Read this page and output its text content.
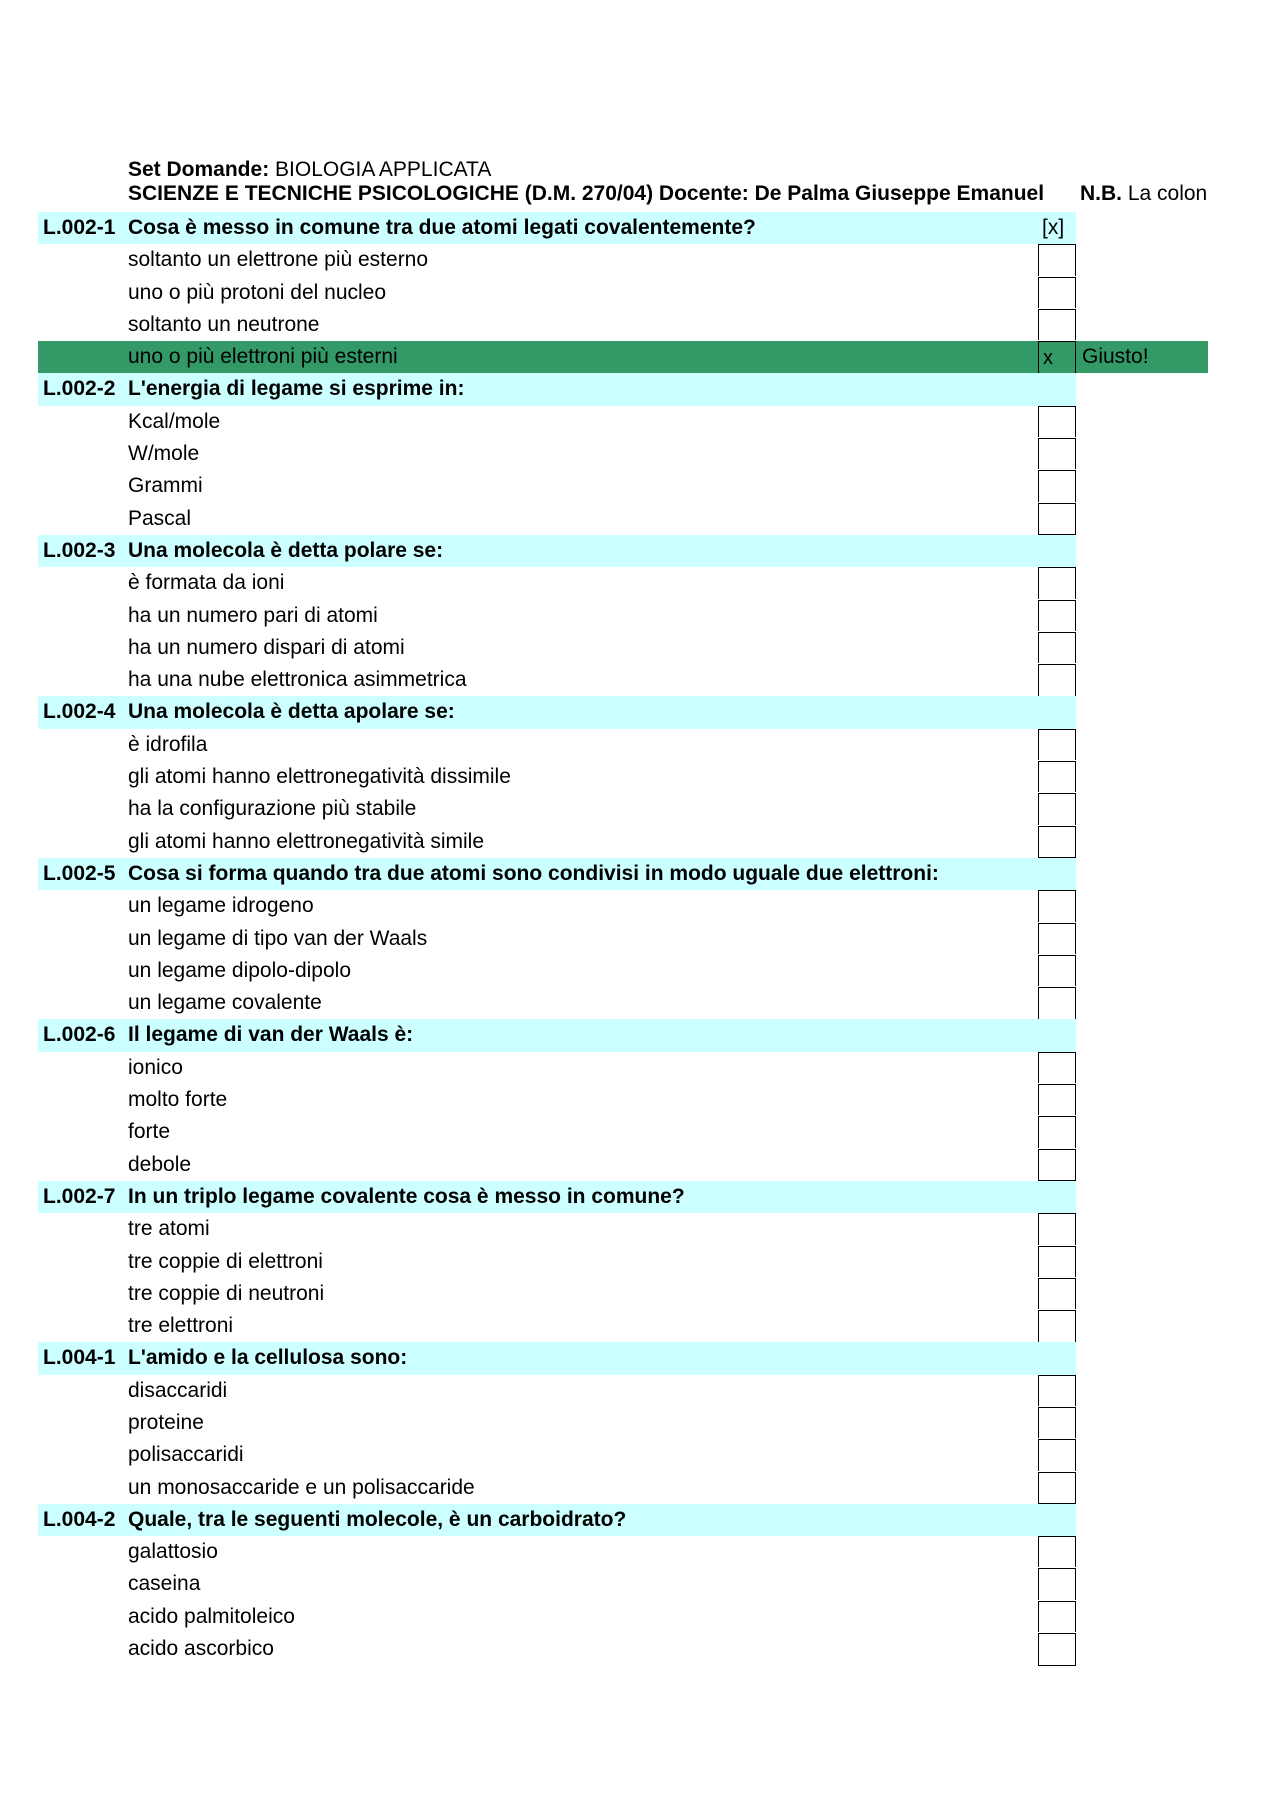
Set Domande: BIOLOGIA APPLICATA
SCIENZE E TECNICHE PSICOLOGICHE (D.M. 270/04) Docente: De Palma Giuseppe Emanuel N.B. La colon
L.002-1 Cosa è messo in comune tra due atomi legati covalentemente?	[x]
soltanto un elettrone più esterno
uno o più protoni del nucleo
soltanto un neutrone
uno o più elettroni più esterni	x	Giusto!
L.002-2 L'energia di legame si esprime in:
Kcal/mole
W/mole
Grammi
Pascal
L.002-3 Una molecola è detta polare se:
è formata da ioni
ha un numero pari di atomi
ha un numero dispari di atomi
ha una nube elettronica asimmetrica
L.002-4 Una molecola è detta apolare se:
è idrofila
gli atomi hanno elettronegatività dissimile
ha la configurazione più stabile
gli atomi hanno elettronegatività simile
L.002-5 Cosa si forma quando tra due atomi sono condivisi in modo uguale due elettroni:
un legame idrogeno
un legame di tipo van der Waals
un legame dipolo-dipolo
un legame covalente
L.002-6 Il legame di van der Waals è:
ionico
molto forte
forte
debole
L.002-7 In un triplo legame covalente cosa è messo in comune?
tre atomi
tre coppie di elettroni
tre coppie di neutroni
tre elettroni
L.004-1 L'amido e la cellulosa sono:
disaccaridi
proteine
polisaccaridi
un monosaccaride e un polisaccaride
L.004-2 Quale, tra le seguenti molecole, è un carboidrato?
galattosio
caseina
acido palmitoleico
acido ascorbico
